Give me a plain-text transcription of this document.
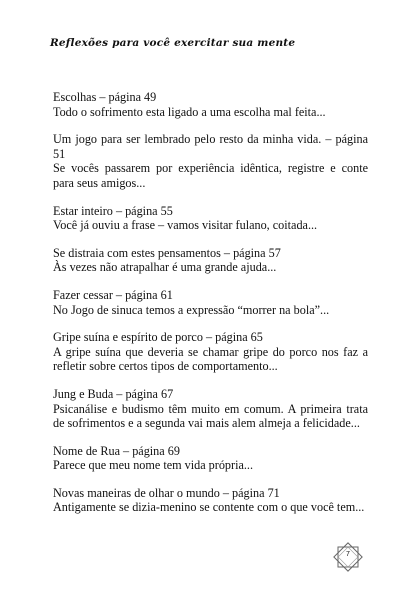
Reflexões para você exercitar sua mente
Escolhas – página 49
Todo o sofrimento esta ligado a uma escolha mal feita...
Um jogo para ser lembrado pelo resto da minha vida. – página 51
Se vocês passarem por experiência idêntica, registre e conte para seus amigos...
Estar inteiro – página 55
Você já ouviu a frase – vamos visitar fulano, coitada...
Se distraia com estes pensamentos – página 57
Às vezes não atrapalhar é uma grande ajuda...
Fazer cessar – página 61
No Jogo de sinuca temos a expressão “morrer na bola”...
Gripe suína e espírito de porco – página 65
A gripe suína que deveria se chamar gripe do porco nos faz a refletir sobre certos tipos de comportamento...
Jung e Buda – página 67
Psicanálise e budismo têm muito em comum. A primeira trata de sofrimentos e a segunda vai mais alem almeja a felicidade...
Nome de Rua – página 69
Parece que meu nome tem vida própria...
Novas maneiras de olhar o mundo – página 71
Antigamente se dizia-menino se contente com o que você tem...
7
